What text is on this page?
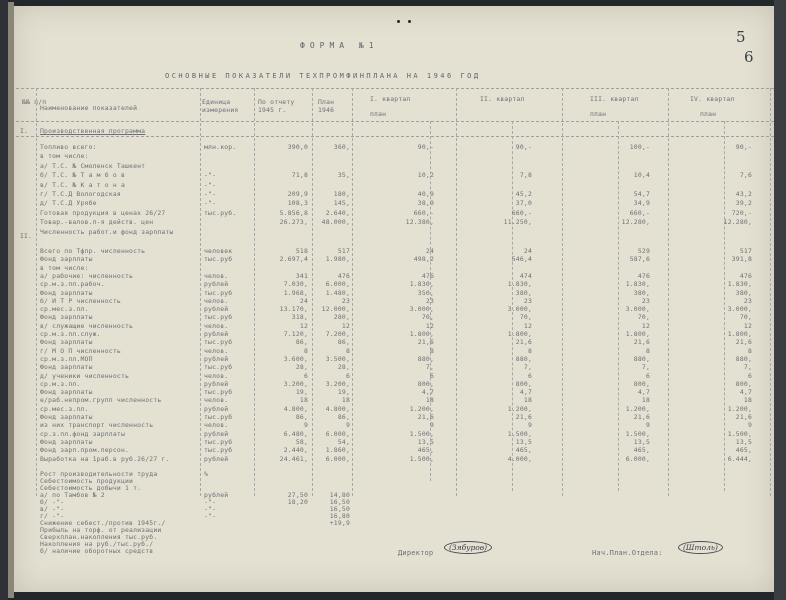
ФОРМА №1	5
6
ОСНОВНЫЕ ПОКАЗАТЕЛИ ТЕХПРОМФИНПЛАНА НА 1946 ГОД
№№ п/п
Наименование показателей
Единица измерения
По отчету 1945 г.
План 1946
I. квартал	II. квартал	III. квартал	IV. квартал
план	план	план
I. Производственная программа
II.
Директор
(Зябуров)
Нач.План.Отдела:
(Штоль)
Топливо всего:	млн.кор.	390,0	360,	90,-	90,-	100,-	90,-
в том числе:
а/ Т.С. № Смоленск Ташкент
б/ Т.С. № Т а м б о в	-"-	71,8	35,	10,2	7,8	10,4	7,6
в/ Т.С. № К а т о н а	-"-
г/ Т.С.Д Вологодская	-"-	209,9	180,	40,9	45,2	54,7	43,2
д/ Т.С.Д Урябе	-"-	108,3	145,	38,9	37,0	34,9	39,2
Готовая продукция в ценах 26/27	тыс.руб.	5.856,8	2.640,	660,-	660,-	660,-	720,-
Товар.-валов.п-я действ. цен	26.273,	48.000,	12.380,	11.250,	12.280,	12.280,
Численность работ.и фонд зарплаты
Всего по Тфпр. численность	человек	518	517	24	24	529	517
Фонд зарплаты	тыс.руб	2.697,4	1.980,	498,2	546,4	587,6	391,8
в том числе:
а/ рабочие: численность	челов.	341	476	476	474	476	476
ср.м.з.пл.рабоч.	рублей	7.030,	6.000,	1.830,	1.830,	1.830,	1.830,
Фонд зарплаты	тыс.руб	1.968,	1.480,	350,	380,	380,	380,
б/ И Т Р численность	челов.	24	23	23	23	23	23
ср.мес.з.пл.	рублей	13.170,	12.000,	3.000,	3.000,	3.000,	3.000,
Фонд зарплаты	тыс.руб	318,	280,	70,	70,	70,	70,
в/ служащие численность	челов.	12	12	12	12	12	12
ср.м.з.пл.служ.	рублей	7.120,	7.200,	1.800,	1.800,	1.800,	1.800,
Фонд зарплаты	тыс.руб	86,	86,	21,6	21,6	21,6	21,6
г/ М О П численность	челов.	8	8	8	8	8	8
ср.м.з.пл.МОП	рублей	3.600,	3.500,	880,	880,	880,	880,
Фонд зарплаты	тыс.руб	28,	28,	7,	7,	7,	7,
д/ ученики численность	челов.	6	6	6	6	6	6
ср.м.з.пл.	рублей	3.200,	3.200,	800,	800,	800,	800,
Фонд зарплаты	тыс.руб	19,	19,	4,7	4,7	4,7	4,7
е/раб.непром.групп численность	челов.	18	18	18	18	18	18
ср.мес.з.пл.	рублей	4.800,	4.800,	1.200,	1.200,	1.200,	1.200,
Фонд зарплаты	тыс.руб	86,	86,	21,6	21,6	21,6	21,6
из них транспорт численность	челов.	9	9	9	9	9	9
ср.з.пл.фонд зарплаты	рублей	6.480,	6.000,	1.500,	1.500,	1.500,	1.500,
Фонд зарплаты	тыс.руб	58,	54,	13,5	13,5	13,5	13,5
Фонд зарп.пром.персон.	тыс.руб	2.440,	1.860,	465,	465,	465,	465,
Выработка на 1раб.в руб.26/27 г.	рублей	24.461,	6.000,	1.500,	4.000,	6.000,	6.444,
Рост производительности труда	%
Себестоимость продукции
Себестоимость добычи 1 т.
а/ по Тамбов № 2	рублей	27,50	14,80
б/ -"-	-"-	18,20	16,50
в/ -"-	-"-	16,50
г/ -"-	-"-	16,80
Снижение себест./против 1945г./	+19,9
Прибыль на торф. от реализации
Сверхплан.накопления тыс.руб.
Накопления на руб./тыс.руб./
б/ наличие оборотных средств
